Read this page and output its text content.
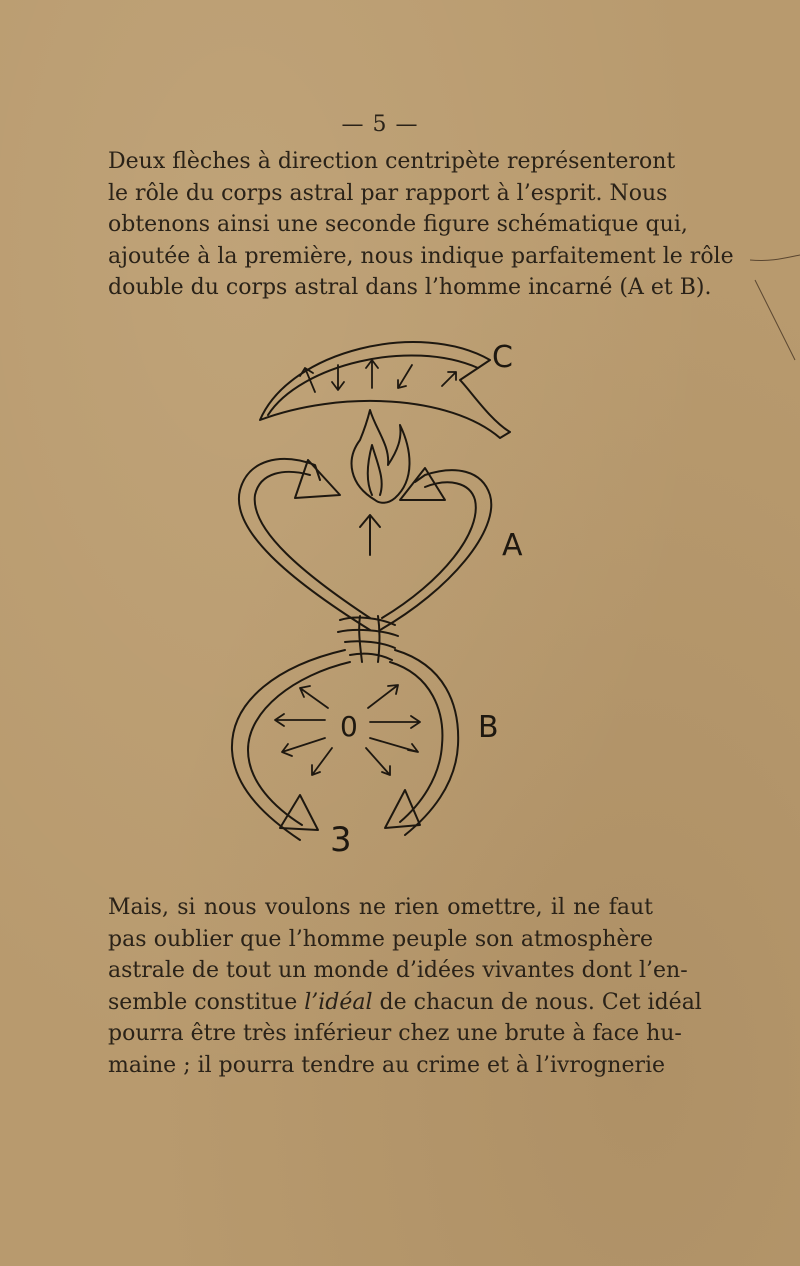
— 5 —
Deux flèches à direction centripète représenteront
le rôle du corps astral par rapport à l’esprit. Nous
obtenons ainsi une seconde figure schématique qui,
ajoutée à la première, nous indique parfaitement le rôle
double du corps astral dans l’homme incarné (A et B).
C
A
B
0
3
Mais, si nous voulons ne rien omettre, il ne faut
pas oublier que l’homme peuple son atmosphère
astrale de tout un monde d’idées vivantes dont l’en-
semble constitue l’idéal de chacun de nous. Cet idéal
pourra être très inférieur chez une brute à face hu-
maine ; il pourra tendre au crime et à l’ivrognerie
